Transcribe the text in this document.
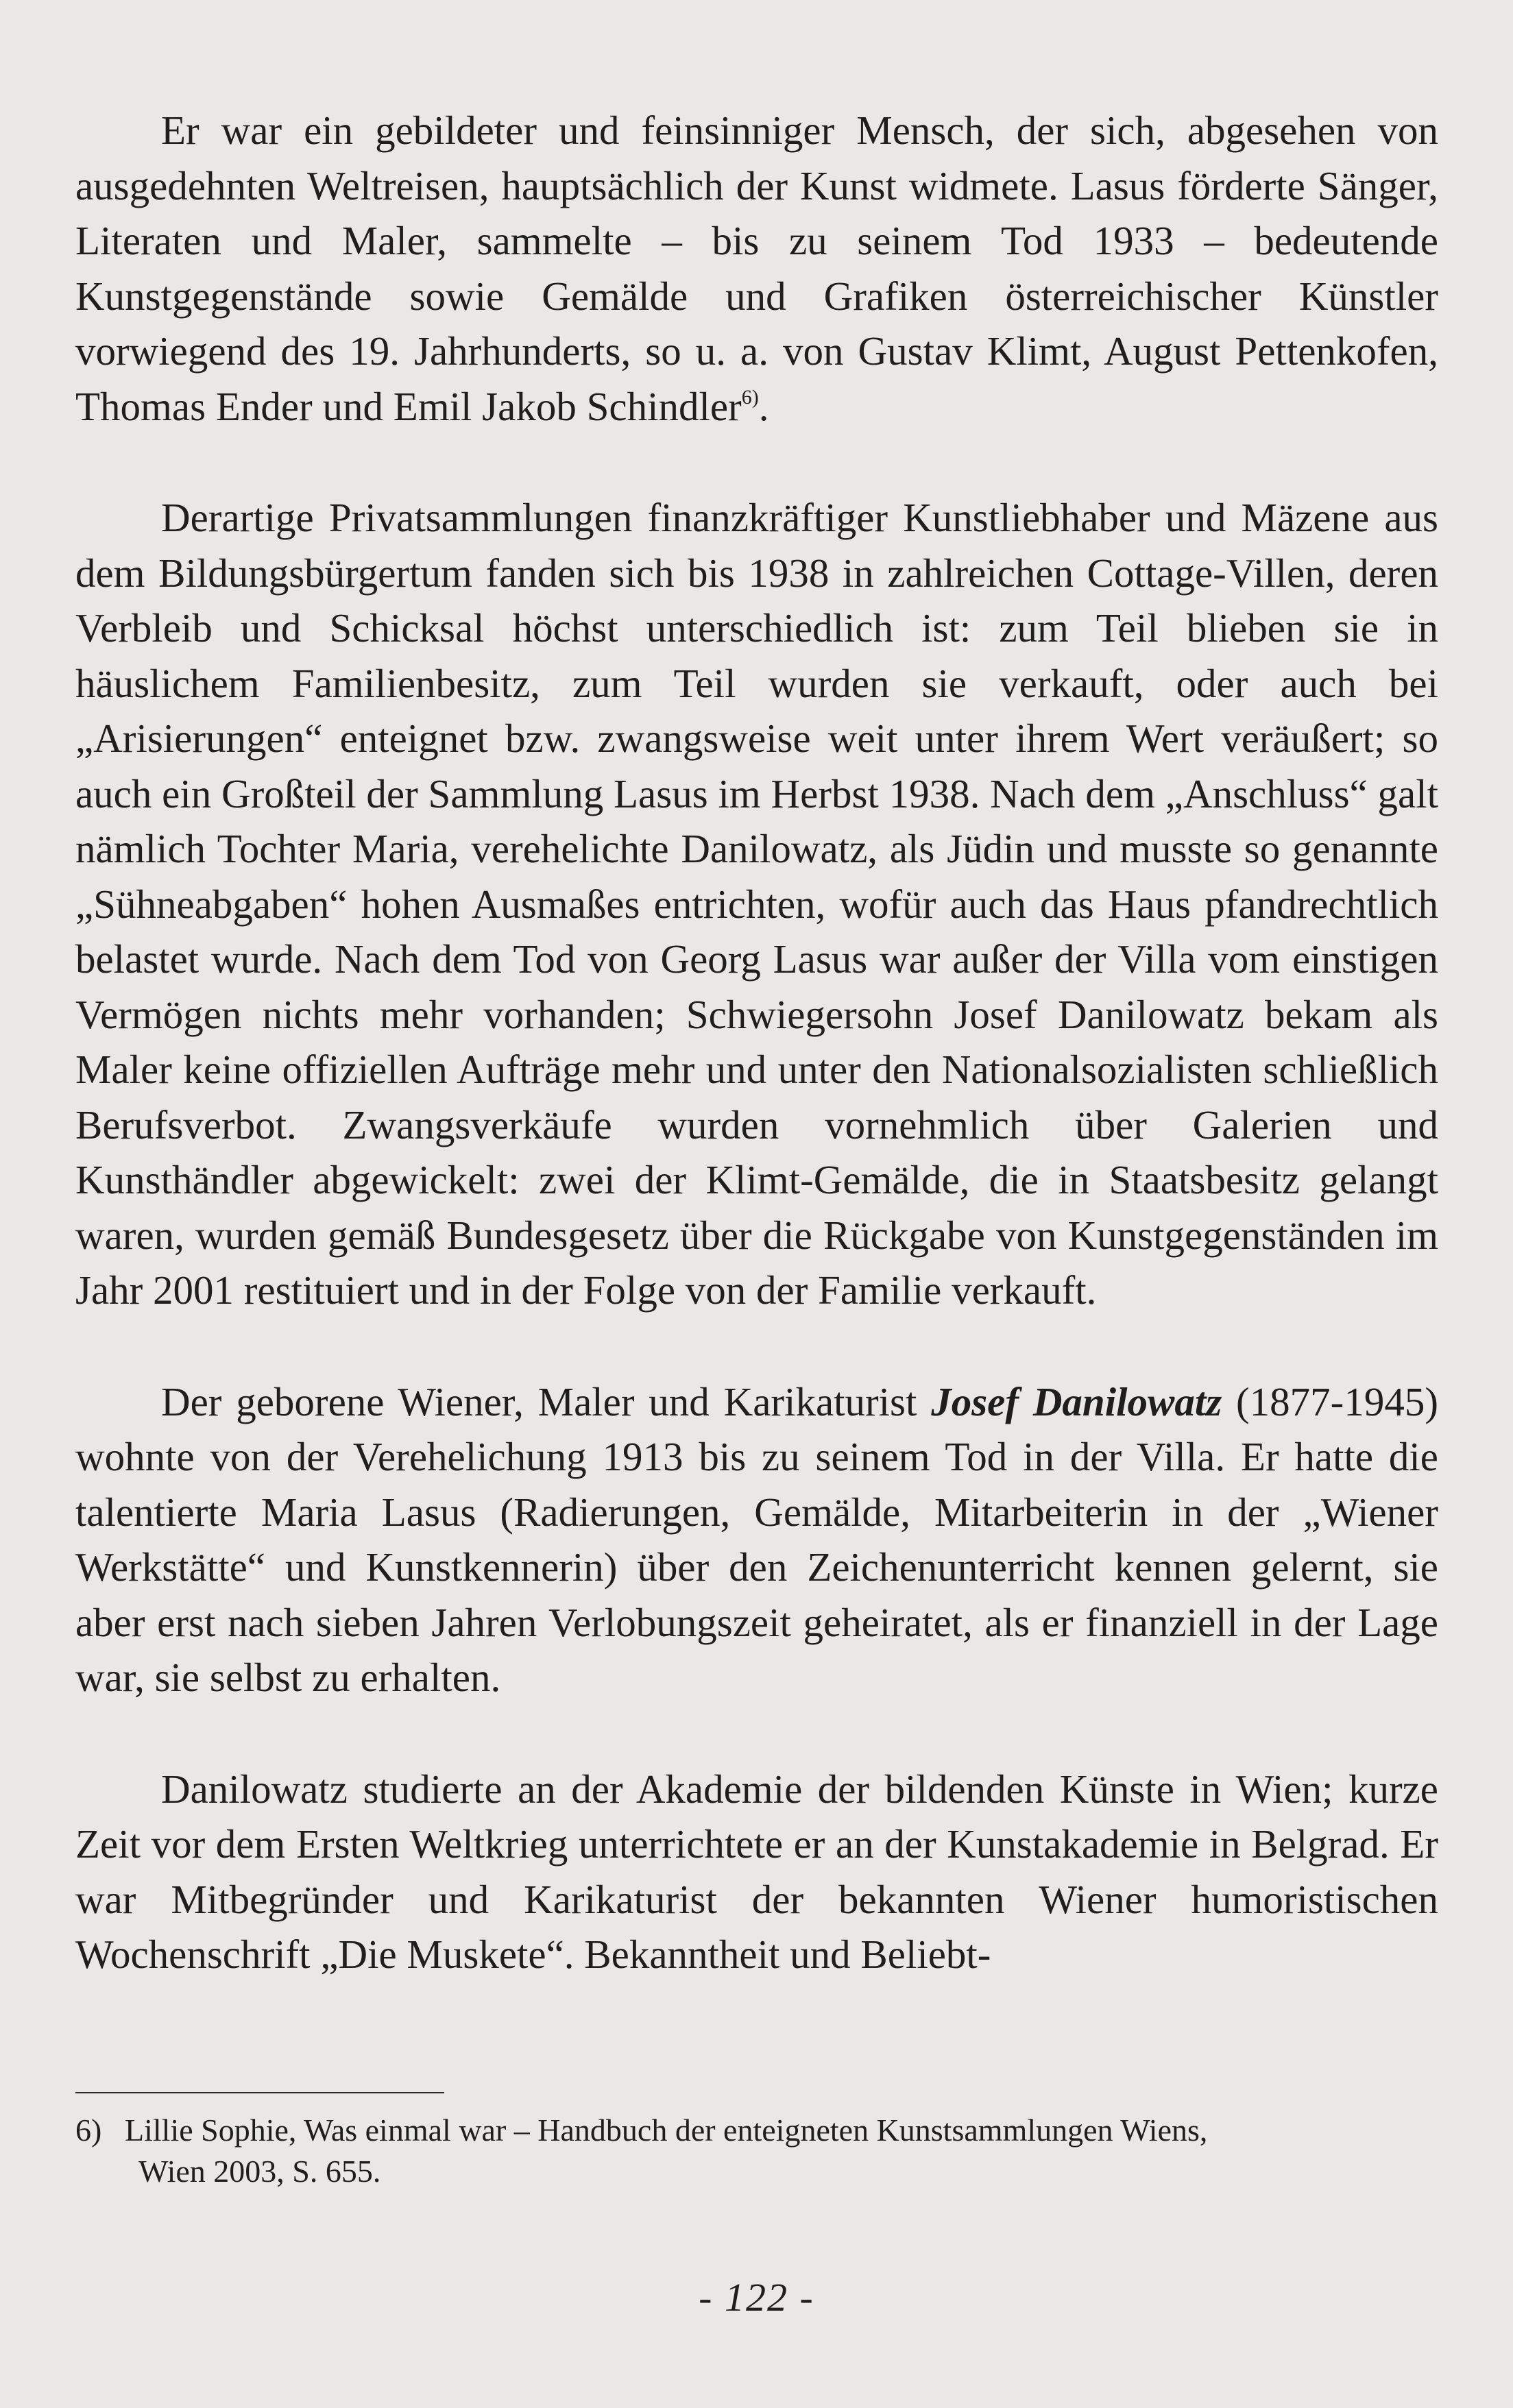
Er war ein gebildeter und feinsinniger Mensch, der sich, abgesehen von ausgedehnten Weltreisen, hauptsächlich der Kunst widmete. Lasus förderte Sänger, Literaten und Maler, sammelte – bis zu seinem Tod 1933 – bedeutende Kunstgegenstände sowie Gemälde und Grafiken österreichischer Künstler vorwiegend des 19. Jahrhunderts, so u. a. von Gustav Klimt, August Pettenkofen, Thomas Ender und Emil Jakob Schindler$^{6)}$.

Derartige Privatsammlungen finanzkräftiger Kunstliebhaber und Mäzene aus dem Bildungsbürgertum fanden sich bis 1938 in zahlreichen Cottage-Villen, deren Verbleib und Schicksal höchst unterschiedlich ist: zum Teil blieben sie in häuslichem Familienbesitz, zum Teil wurden sie verkauft, oder auch bei „Arisierungen“ enteignet bzw. zwangsweise weit unter ihrem Wert veräußert; so auch ein Großteil der Sammlung Lasus im Herbst 1938. Nach dem „Anschluss“ galt nämlich Tochter Maria, verehelichte Danilowatz, als Jüdin und musste so genannte „Sühneabgaben“ hohen Ausmaßes entrichten, wofür auch das Haus pfandrechtlich belastet wurde. Nach dem Tod von Georg Lasus war außer der Villa vom einstigen Vermögen nichts mehr vorhanden; Schwiegersohn Josef Danilowatz bekam als Maler keine offiziellen Aufträge mehr und unter den Nationalsozialisten schließlich Berufsverbot. Zwangsverkäufe wurden vornehmlich über Galerien und Kunsthändler abgewickelt: zwei der Klimt-Gemälde, die in Staatsbesitz gelangt waren, wurden gemäß Bundesgesetz über die Rückgabe von Kunstgegenständen im Jahr 2001 restituiert und in der Folge von der Familie verkauft.

Der geborene Wiener, Maler und Karikaturist Josef Danilowatz (1877-1945) wohnte von der Verehelichung 1913 bis zu seinem Tod in der Villa. Er hatte die talentierte Maria Lasus (Radierungen, Gemälde, Mitarbeiterin in der „Wiener Werkstätte“ und Kunstkennerin) über den Zeichenunterricht kennen gelernt, sie aber erst nach sieben Jahren Verlobungszeit geheiratet, als er finanziell in der Lage war, sie selbst zu erhalten.

Danilowatz studierte an der Akademie der bildenden Künste in Wien; kurze Zeit vor dem Ersten Weltkrieg unterrichtete er an der Kunstakademie in Belgrad. Er war Mitbegründer und Karikaturist der bekannten Wiener humoristischen Wochenschrift „Die Muskete“. Bekanntheit und Beliebt-

6) Lillie Sophie, Was einmal war – Handbuch der enteigneten Kunstsammlungen Wiens,
Wien 2003, S. 655.
- 122 -
